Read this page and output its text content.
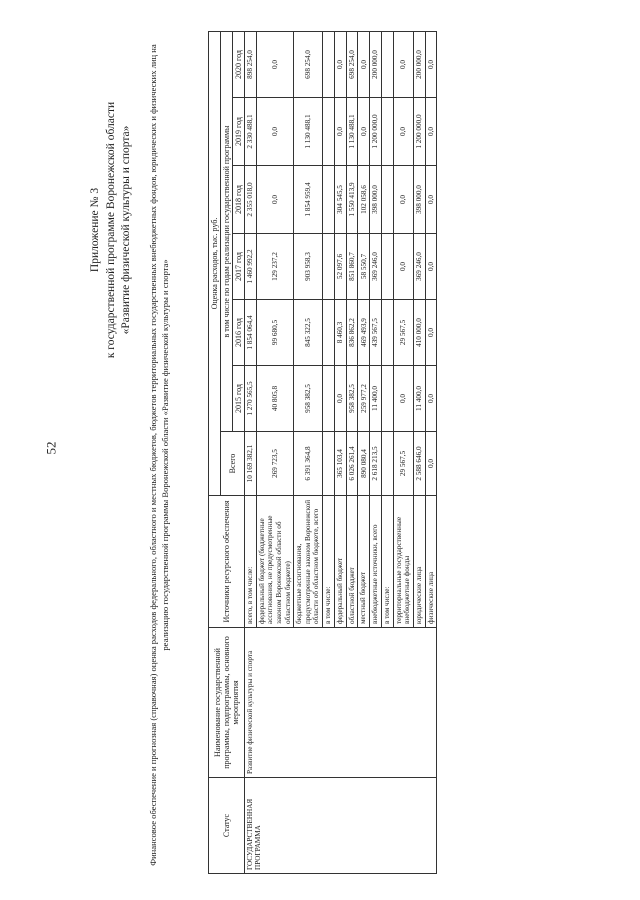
52
Приложение № 3 к государственной программе Воронежской области «Развитие физической культуры и спорта» Финансовое обеспечение и прогнозная (справочная) оценка расходов федерального, областного и местных бюджетов, бюджетов территориальных государственных внебюджетных фондов, юридических и физических лиц на реализацию государственной программы Воронежской области «Развитие физической культуры и спорта»
Статус	Наименование государственной программы, подпрограммы, основного мероприятия	Источники ресурсного обеспечения	Оценка расходов, тыс. руб.						
			Всего	в том числе по годам реализации государственной программы					
				2015 год	2016 год	2017 год	2018 год	2019 год	2020 год
ГОСУДАРСТВЕННАЯ ПРОГРАММА	Развитие физической культуры и спорта	всего, в том числе:	10 169 382,1	1 270 565,5	1 854 064,4	1 460 992,2	2 355 018,0	2 330 488,1	898 254,0
		федеральный бюджет (бюджетные ассигнования, не предусмотренные законом Воронежской области об областном бюджете)	269 723,5	40 805,8	99 680,5	129 237,2	0,0	0,0	0,0
		бюджетные ассигнования, предусмотренные законом Воронежской области об областном бюджете, всего	6 391 364,8	958 382,5	845 322,5	903 958,3	1 854 959,4	1 130 488,1	698 254,0
		в том числе:							
		федеральный бюджет	365 103,4	0,0	8 460,3	52 097,6	304 545,5	0,0	0,0
		областной бюджет	6 026 261,4	958 382,5	836 862,2	851 860,7	1 550 413,9	1 130 488,1	698 254,0
		местный бюджет	890 080,4	259 977,2	469 493,9	58 550,7	102 058,6	0,0	0,0
		внебюджетные источники, всего	2 618 213,5	11 400,0	439 567,5	369 246,0	398 000,0	1 200 000,0	200 000,0
		в том числе:							
		территориальные государственные внебюджетные фонды	29 567,5	0,0	29 567,5	0,0	0,0	0,0	0,0
		юридические лица	2 588 646,0	11 400,0	410 000,0	369 246,0	398 000,0	1 200 000,0	200 000,0
		физические лица	0,0	0,0	0,0	0,0	0,0	0,0	0,0
